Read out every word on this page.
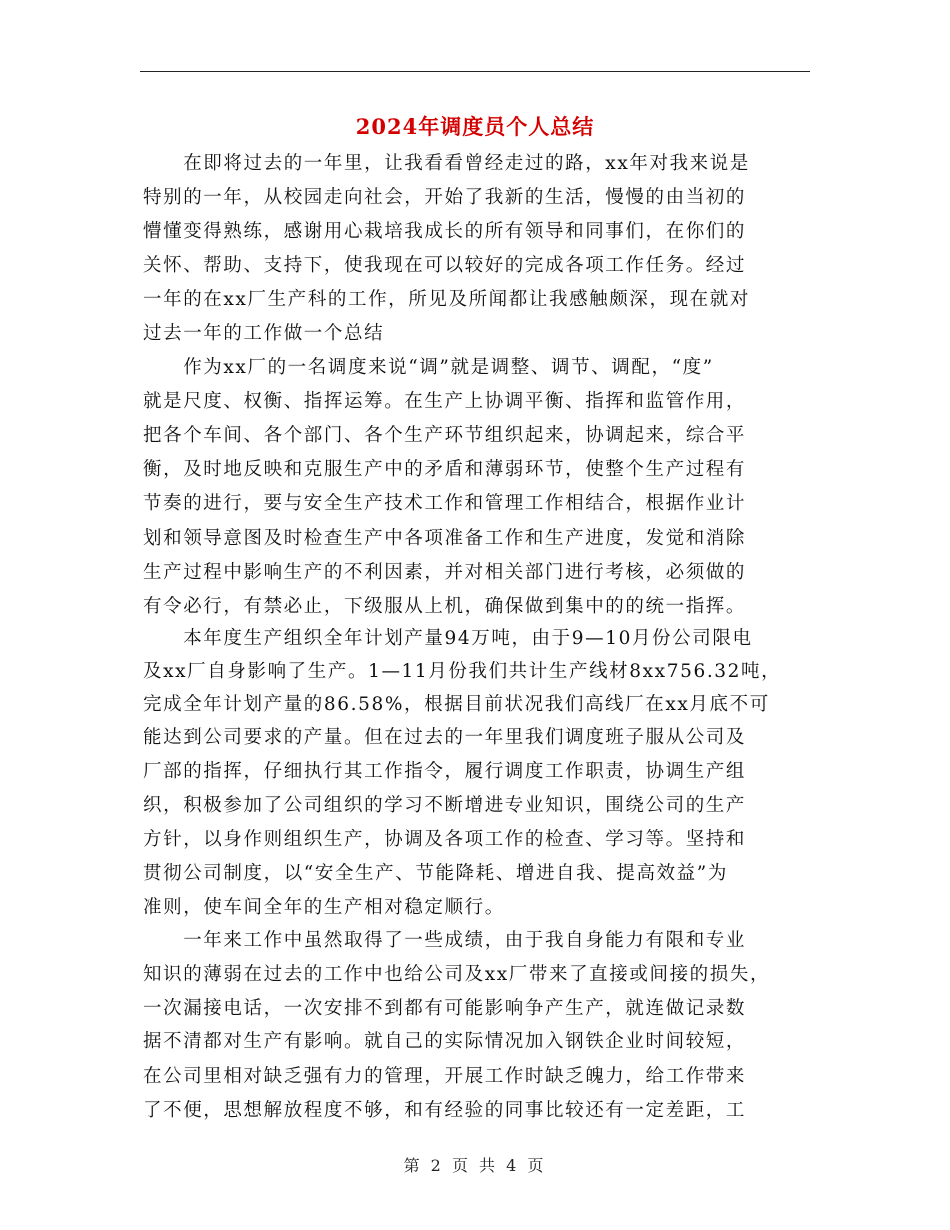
2024年调度员个人总结
　　在即将过去的一年里，让我看看曾经走过的路，xx年对我来说是
特别的一年，从校园走向社会，开始了我新的生活，慢慢的由当初的
懵懂变得熟练，感谢用心栽培我成长的所有领导和同事们，在你们的
关怀、帮助、支持下，使我现在可以较好的完成各项工作任务。经过
一年的在xx厂生产科的工作，所见及所闻都让我感触颇深，现在就对
过去一年的工作做一个总结
　　作为xx厂的一名调度来说“调”就是调整、调节、调配，“度”
就是尺度、权衡、指挥运筹。在生产上协调平衡、指挥和监管作用，
把各个车间、各个部门、各个生产环节组织起来，协调起来，综合平
衡，及时地反映和克服生产中的矛盾和薄弱环节，使整个生产过程有
节奏的进行，要与安全生产技术工作和管理工作相结合，根据作业计
划和领导意图及时检查生产中各项准备工作和生产进度，发觉和消除
生产过程中影响生产的不利因素，并对相关部门进行考核，必须做的
有令必行，有禁必止，下级服从上机，确保做到集中的的统一指挥。
　　本年度生产组织全年计划产量94万吨，由于9—10月份公司限电
及xx厂自身影响了生产。1—11月份我们共计生产线材8xx756.32吨，
完成全年计划产量的86.58%，根据目前状况我们高线厂在xx月底不可
能达到公司要求的产量。但在过去的一年里我们调度班子服从公司及
厂部的指挥，仔细执行其工作指令，履行调度工作职责，协调生产组
织，积极参加了公司组织的学习不断增进专业知识，围绕公司的生产
方针，以身作则组织生产，协调及各项工作的检查、学习等。坚持和
贯彻公司制度，以“安全生产、节能降耗、增进自我、提高效益”为
准则，使车间全年的生产相对稳定顺行。
　　一年来工作中虽然取得了一些成绩，由于我自身能力有限和专业
知识的薄弱在过去的工作中也给公司及xx厂带来了直接或间接的损失，
一次漏接电话，一次安排不到都有可能影响争产生产，就连做记录数
据不清都对生产有影响。就自己的实际情况加入钢铁企业时间较短，
在公司里相对缺乏强有力的管理，开展工作时缺乏魄力，给工作带来
了不便，思想解放程度不够，和有经验的同事比较还有一定差距，工
第 2 页 共 4 页
